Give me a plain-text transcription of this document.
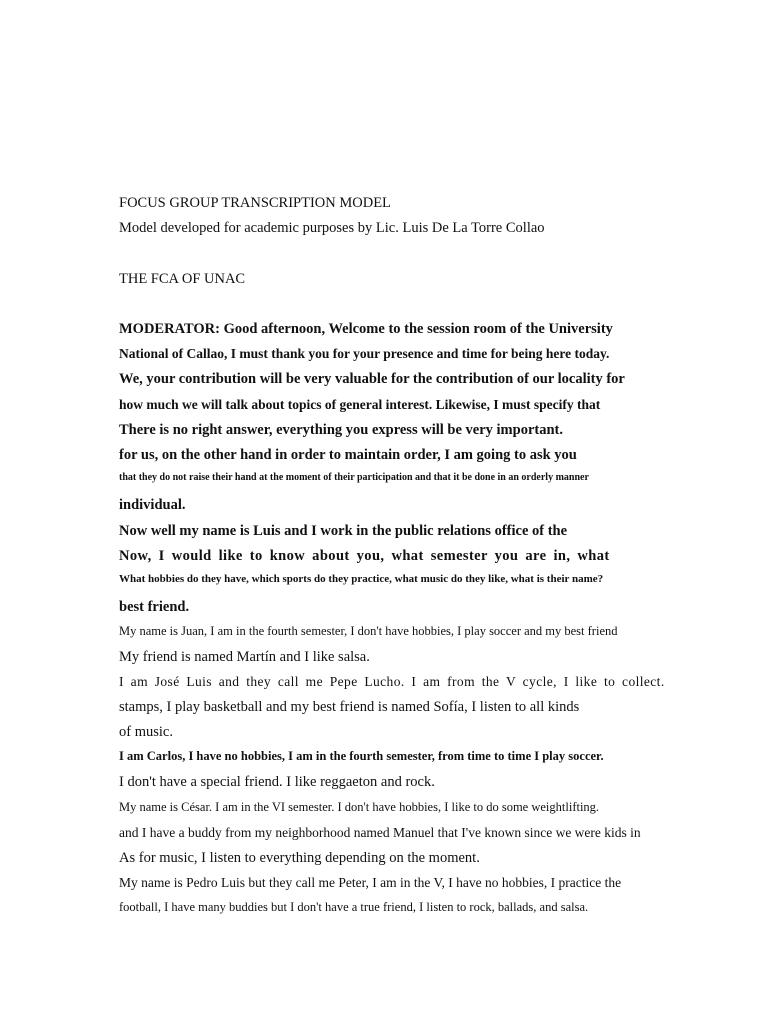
FOCUS GROUP TRANSCRIPTION MODEL
Model developed for academic purposes by Lic. Luis De La Torre Collao
THE FCA OF UNAC
MODERATOR: Good afternoon, Welcome to the session room of the University
National of Callao, I must thank you for your presence and time for being here today.
We, your contribution will be very valuable for the contribution of our locality for
how much we will talk about topics of general interest. Likewise, I must specify that
There is no right answer, everything you express will be very important.
for us, on the other hand in order to maintain order, I am going to ask you
that they do not raise their hand at the moment of their participation and that it be done in an orderly manner
individual.
Now well my name is Luis and I work in the public relations office of the
Now, I would like to know about you, what semester you are in, what
What hobbies do they have, which sports do they practice, what music do they like, what is their name?
best friend.
My name is Juan, I am in the fourth semester, I don't have hobbies, I play soccer and my best friend
My friend is named Martín and I like salsa.
I am José Luis and they call me Pepe Lucho. I am from the V cycle, I like to collect.
stamps, I play basketball and my best friend is named Sofía, I listen to all kinds
of music.
I am Carlos, I have no hobbies, I am in the fourth semester, from time to time I play soccer.
I don't have a special friend. I like reggaeton and rock.
My name is César. I am in the VI semester. I don't have hobbies, I like to do some weightlifting.
and I have a buddy from my neighborhood named Manuel that I've known since we were kids in
As for music, I listen to everything depending on the moment.
My name is Pedro Luis but they call me Peter, I am in the V, I have no hobbies, I practice the
football, I have many buddies but I don't have a true friend, I listen to rock, ballads, and salsa.
